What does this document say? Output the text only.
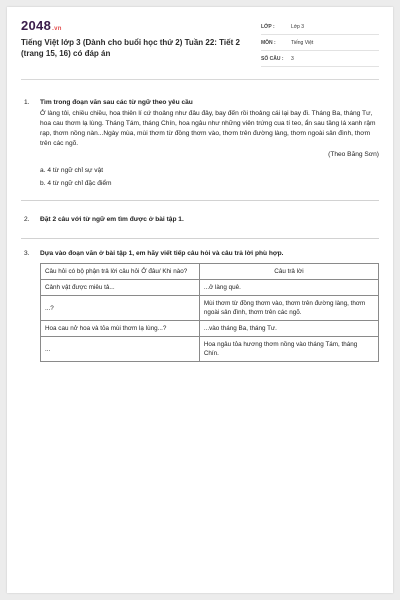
2048.vn
Tiếng Việt lớp 3 (Dành cho buổi học thứ 2) Tuần 22: Tiết 2 (trang 15, 16) có đáp án
LỚP :	Lớp 3
MÔN :	Tiếng Việt
SỐ CÂU :	3
1.	Tìm trong đoạn văn sau các từ ngữ theo yêu cầu
Ở làng tôi, chiều chiều, hoa thiên lí cứ thoảng như đâu đây, bay đến rồi thoảng cái lại bay đi. Tháng Ba, tháng Tư, hoa cau thơm lạ lùng. Tháng Tám, tháng Chín, hoa ngâu như những viên trứng cua tí teo, ẩn sau tầng lá xanh rậm rạp, thơm nồng nàn...Ngày mùa, mùi thơm từ đồng thơm vào, thơm trên đường làng, thơm ngoài sân đình, thơm trên các ngõ.
(Theo Băng Sơn)
a. 4 từ ngữ chỉ sự vật
b. 4 từ ngữ chỉ đặc điểm
2.	Đặt 2 câu với từ ngữ em tìm được ở bài tập 1.
3.	Dựa vào đoạn văn ở bài tập 1, em hãy viết tiếp câu hỏi và câu trả lời phù hợp.
Câu hỏi có bộ phận trả lời câu hỏi Ở đâu/ Khi nào?	Câu trả lời
Cảnh vật được miêu tả...	...ở làng quê.
...?	Mùi thơm từ đồng thơm vào, thơm trên đường làng, thơm ngoài sân đình, thơm trên các ngõ.
Hoa cau nở hoa và tỏa mùi thơm lạ lùng...?	...vào tháng Ba, tháng Tư.
...	Hoa ngâu tỏa hương thơm nồng vào tháng Tám, tháng Chín.
